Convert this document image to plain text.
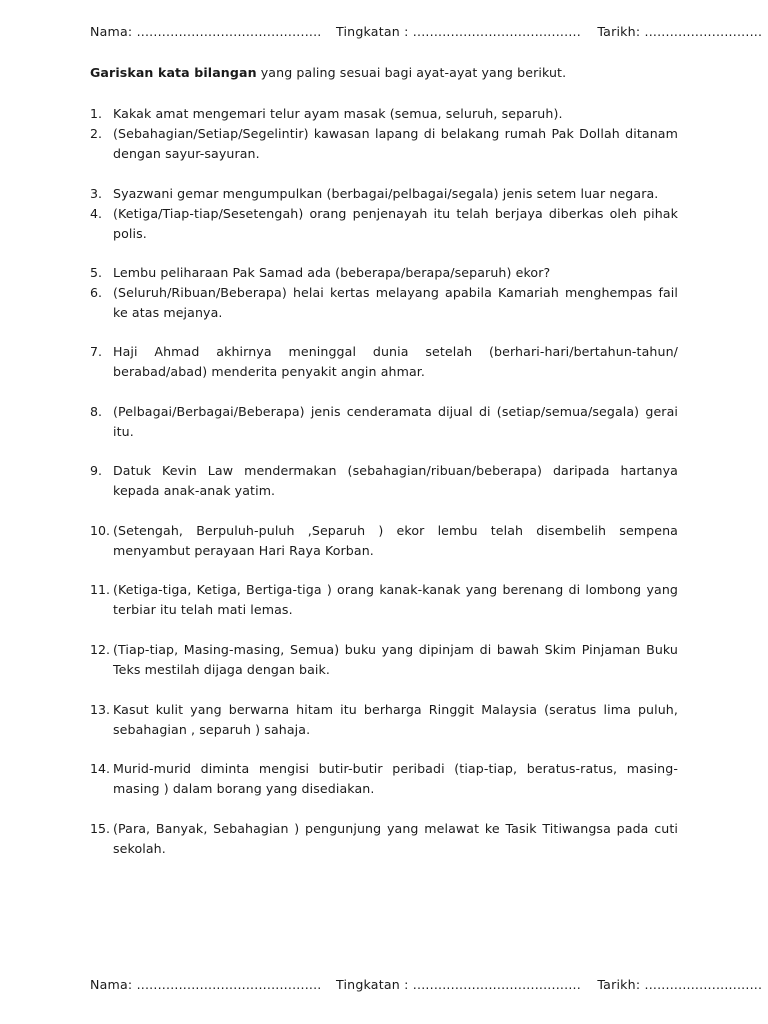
Nama: ............................................ Tingkatan : ........................................ Tarikh: ............................
Gariskan kata bilangan yang paling sesuai bagi ayat-ayat yang berikut.
1. Kakak amat mengemari telur ayam masak (semua, seluruh, separuh).
2. (Sebahagian/Setiap/Segelintir) kawasan lapang di belakang rumah Pak Dollah ditanam dengan sayur-sayuran.
3. Syazwani gemar mengumpulkan (berbagai/pelbagai/segala) jenis setem luar negara.
4. (Ketiga/Tiap-tiap/Sesetengah) orang penjenayah itu telah berjaya diberkas oleh pihak polis.
5. Lembu peliharaan Pak Samad ada (beberapa/berapa/separuh) ekor?
6. (Seluruh/Ribuan/Beberapa) helai kertas melayang apabila Kamariah menghempas fail ke atas mejanya.
7. Haji Ahmad akhirnya meninggal dunia setelah (berhari-hari/bertahun-tahun/ berabad/abad) menderita penyakit angin ahmar.
8. (Pelbagai/Berbagai/Beberapa) jenis cenderamata dijual di (setiap/semua/segala) gerai itu.
9. Datuk Kevin Law mendermakan (sebahagian/ribuan/beberapa) daripada hartanya kepada anak-anak yatim.
10. (Setengah, Berpuluh-puluh ,Separuh ) ekor lembu telah disembelih sempena menyambut perayaan Hari Raya Korban.
11. (Ketiga-tiga, Ketiga, Bertiga-tiga ) orang kanak-kanak yang berenang di lombong yang terbiar itu telah mati lemas.
12. (Tiap-tiap, Masing-masing, Semua) buku yang dipinjam di bawah Skim Pinjaman Buku Teks mestilah dijaga dengan baik.
13. Kasut kulit yang berwarna hitam itu berharga Ringgit Malaysia (seratus lima puluh, sebahagian , separuh ) sahaja.
14. Murid-murid diminta mengisi butir-butir peribadi (tiap-tiap, beratus-ratus, masing-masing ) dalam borang yang disediakan.
15. (Para, Banyak, Sebahagian ) pengunjung yang melawat ke Tasik Titiwangsa pada cuti sekolah.
Nama: ............................................ Tingkatan : ........................................ Tarikh: ............................
